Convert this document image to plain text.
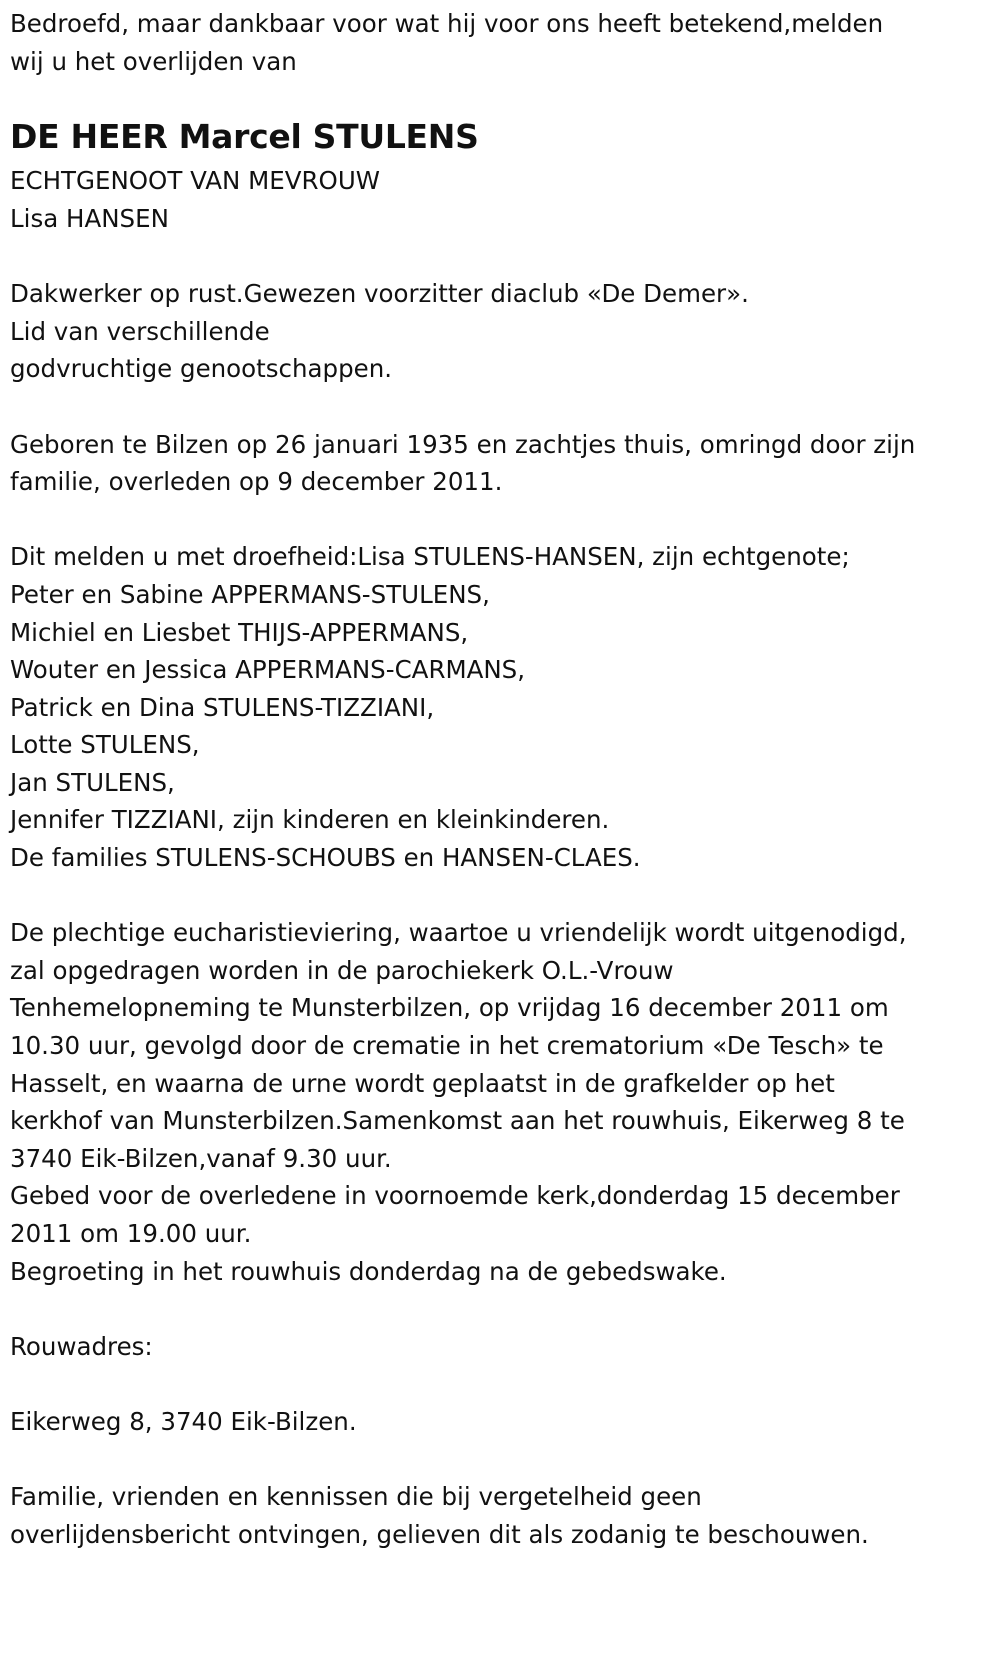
Bedroefd, maar dankbaar voor wat hij voor ons heeft betekend,melden
wij u het overlijden van
DE HEER Marcel STULENS
ECHTGENOOT VAN MEVROUW
Lisa HANSEN
Dakwerker op rust.Gewezen voorzitter diaclub «De Demer».
Lid van verschillende
godvruchtige genootschappen.
Geboren te Bilzen op 26 januari 1935 en zachtjes thuis, omringd door zijn
familie, overleden op 9 december 2011.
Dit melden u met droefheid:Lisa STULENS-HANSEN, zijn echtgenote;
Peter en Sabine APPERMANS-STULENS,
Michiel en Liesbet THIJS-APPERMANS,
Wouter en Jessica APPERMANS-CARMANS,
Patrick en Dina STULENS-TIZZIANI,
Lotte STULENS,
Jan STULENS,
Jennifer TIZZIANI, zijn kinderen en kleinkinderen.
De families STULENS-SCHOUBS en HANSEN-CLAES.
De plechtige eucharistieviering, waartoe u vriendelijk wordt uitgenodigd,
zal opgedragen worden in de parochiekerk O.L.-Vrouw
Tenhemelopneming te Munsterbilzen, op vrijdag 16 december 2011 om
10.30 uur, gevolgd door de crematie in het crematorium «De Tesch» te
Hasselt, en waarna de urne wordt geplaatst in de grafkelder op het
kerkhof van Munsterbilzen.Samenkomst aan het rouwhuis, Eikerweg 8 te
3740 Eik-Bilzen,vanaf 9.30 uur.
Gebed voor de overledene in voornoemde kerk,donderdag 15 december
2011 om 19.00 uur.
Begroeting in het rouwhuis donderdag na de gebedswake.
Rouwadres:
Eikerweg 8, 3740 Eik-Bilzen.
Familie, vrienden en kennissen die bij vergetelheid geen
overlijdensbericht ontvingen, gelieven dit als zodanig te beschouwen.
